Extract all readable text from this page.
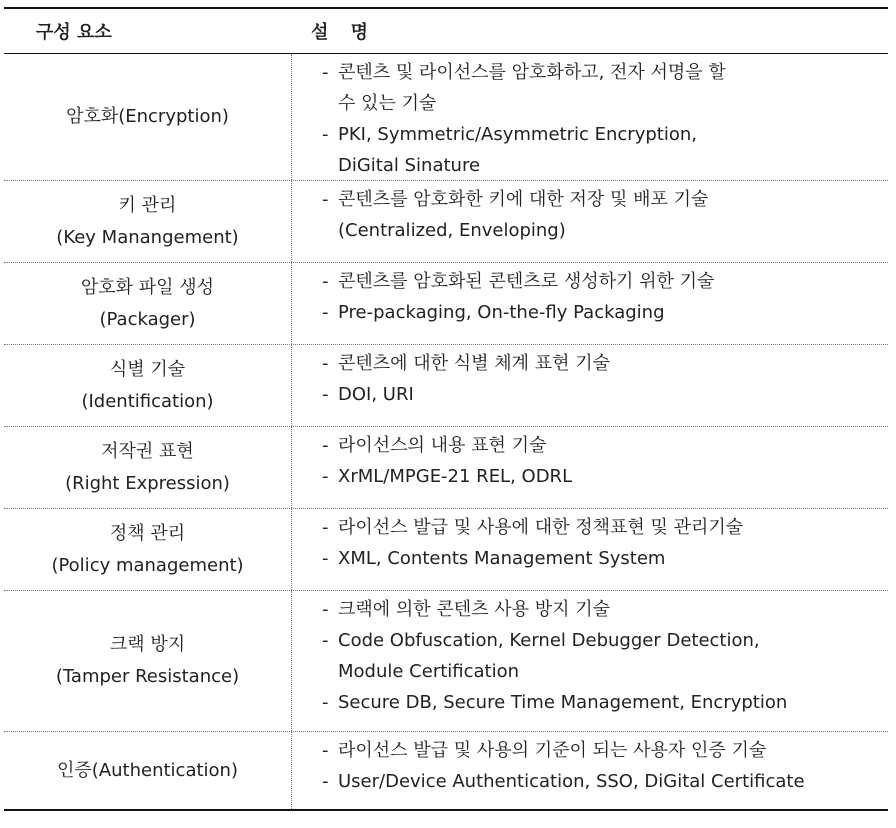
구성 요소	설 명
암호화(Encryption)
- 콘텐츠 및 라이선스를 암호화하고, 전자 서명을 할
수 있는 기술
- PKI, Symmetric/Asymmetric Encryption,
DiGital Sinature
키 관리
(Key Manangement)
- 콘텐츠를 암호화한 키에 대한 저장 및 배포 기술
(Centralized, Enveloping)
암호화 파일 생성
(Packager)
- 콘텐츠를 암호화된 콘텐츠로 생성하기 위한 기술
- Pre-packaging, On-the-fly Packaging
식별 기술
(Identification)
- 콘텐츠에 대한 식별 체계 표현 기술
- DOI, URI
저작권 표현
(Right Expression)
- 라이선스의 내용 표현 기술
- XrML/MPGE-21 REL, ODRL
정책 관리
(Policy management)
- 라이선스 발급 및 사용에 대한 정책표현 및 관리기술
- XML, Contents Management System
크랙 방지
(Tamper Resistance)
- 크랙에 의한 콘텐츠 사용 방지 기술
- Code Obfuscation, Kernel Debugger Detection,
Module Certification
- Secure DB, Secure Time Management, Encryption
인증(Authentication)
- 라이선스 발급 및 사용의 기준이 되는 사용자 인증 기술
- User/Device Authentication, SSO, DiGital Certificate
